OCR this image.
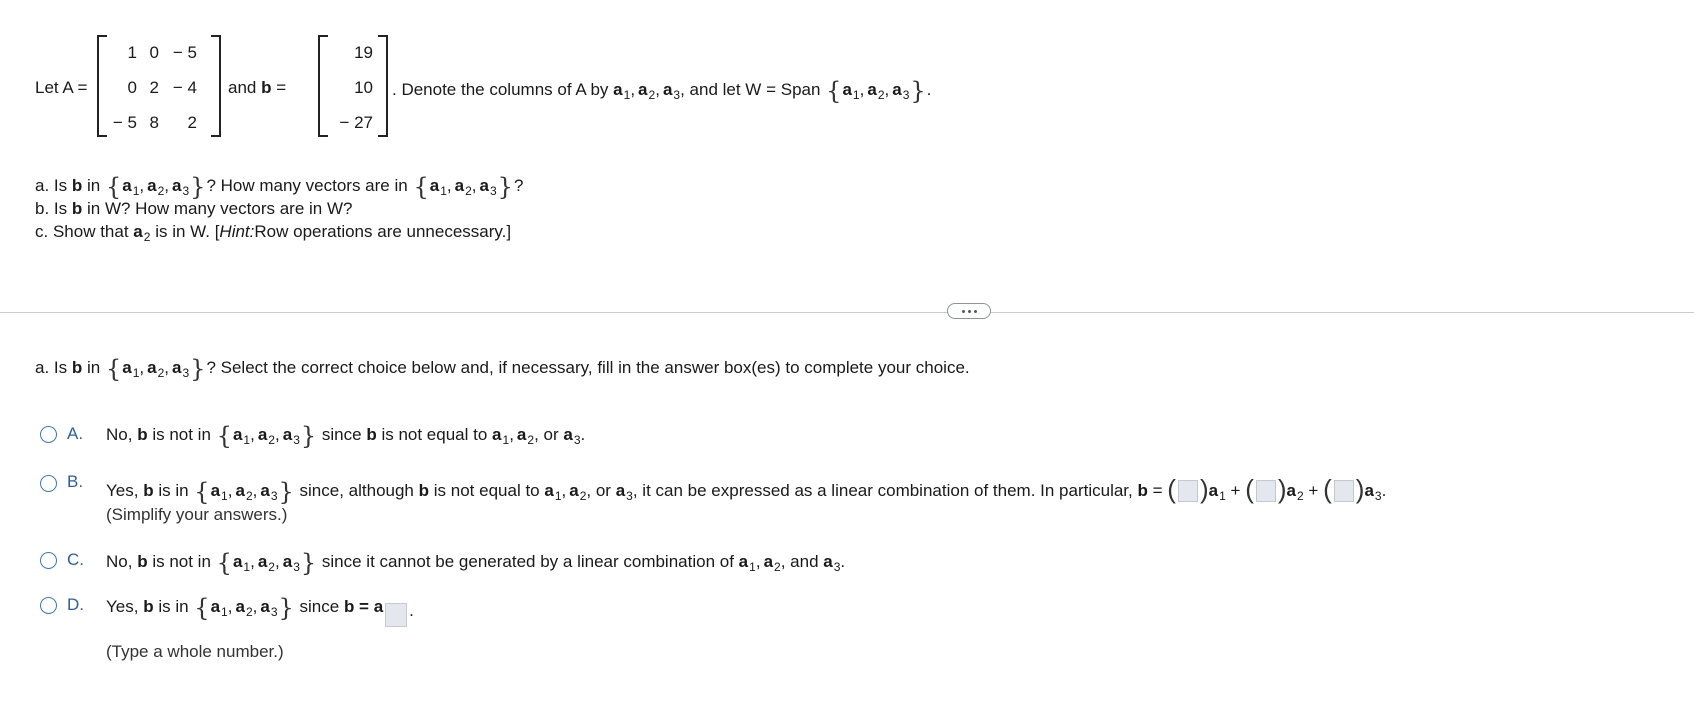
Let A =
1 0 − 5
0 2 − 4
− 5 8	2
and
b
=
19
10
− 27
. Denote the columns of A by
a 1 , a 2 , a 3 , and let W = Span
{ a 1 , a 2 , a 3 } .
a. Is
b
in
{ a 1 , a 2 , a 3 } ? How many vectors are in
{ a 1 , a 2 , a 3 } ?
b. Is
b
in W? How many vectors are in W?
c. Show that
a 2
is in W. [ Hint: Row operations are unnecessary.]
a. Is
b
in
{ a 1 , a 2 , a 3 } ? Select the correct choice below and, if necessary, fill in the answer box(es) to complete your choice.
A. No,
b
is not in
{ a 1 , a 2 , a 3 }
since
b
is not equal to
a 1 , a 2 , or
a 3 .
B. Yes,
b
is in
{ a 1 , a 2 , a 3 }
since, although
b
is not equal to
a 1 , a 2 , or
a 3 , it can be expressed as a linear combination of them. In particular,
b
=
( ) a 1
+
( ) a 2
+
( ) a 3 .
(Simplify your answers.)
C. No,
b
is not in
{ a 1 , a 2 , a 3 }
since it cannot be generated by a linear combination of
a 1 , a 2 , and
a 3 .
D. Yes,
b
is in
{ a 1 , a 2 , a 3 }
since
b = a .
(Type a whole number.)
